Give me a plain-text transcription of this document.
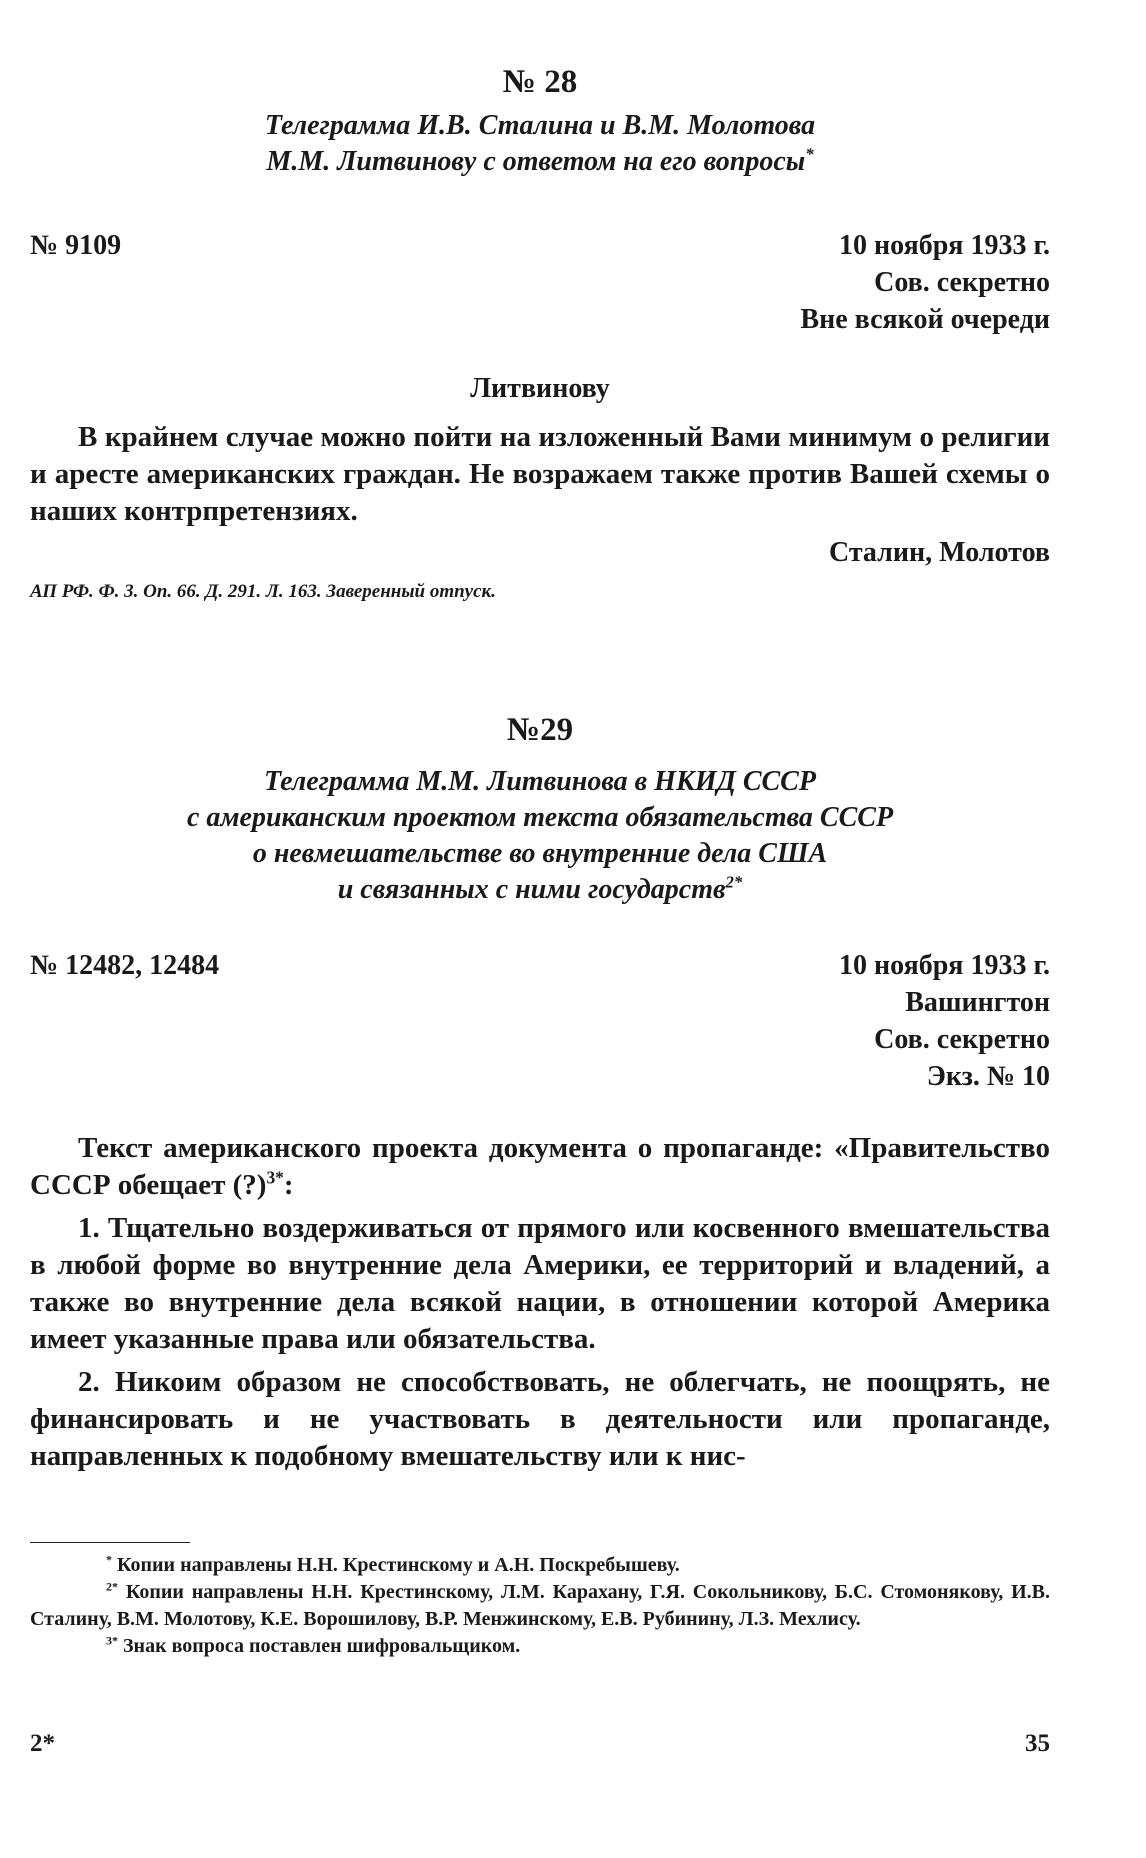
№ 28
Телеграмма И.В. Сталина и В.М. Молотова
М.М. Литвинову с ответом на его вопросы*
№ 9109	10 ноября 1933 г.
Сов. секретно
Вне всякой очереди
Литвинову
В крайнем случае можно пойти на изложенный Вами минимум о религии и аресте американских граждан. Не возражаем также против Вашей схемы о наших контрпретензиях.
Сталин, Молотов
АП РФ. Ф. 3. Оп. 66. Д. 291. Л. 163. Заверенный отпуск.
№29
Телеграмма М.М. Литвинова в НКИД СССР
с американским проектом текста обязательства СССР
о невмешательстве во внутренние дела США
и связанных с ними государств$^{2*}$
№ 12482, 12484	10 ноября 1933 г.
Вашингтон
Сов. секретно
Экз. № 10
Текст американского проекта документа о пропаганде: «Правительство СССР обещает (?)$^{3*}$:
1. Тщательно воздерживаться от прямого или косвенного вмешательства в любой форме во внутренние дела Америки, ее территорий и владений, а также во внутренние дела всякой нации, в отношении которой Америка имеет указанные права или обязательства.
2. Никоим образом не способствовать, не облегчать, не поощрять, не финансировать и не участвовать в деятельности или пропаганде, направленных к подобному вмешательству или к нис-
* Копии направлены Н.Н. Крестинскому и А.Н. Поскребышеву.
$^{2*}$ Копии направлены Н.Н. Крестинскому, Л.М. Карахану, Г.Я. Сокольникову, Б.С. Стомонякову, И.В. Сталину, В.М. Молотову, К.Е. Ворошилову, В.Р. Менжинскому, Е.В. Рубинину, Л.З. Мехлису.
$^{3*}$ Знак вопроса поставлен шифровальщиком.
2*	35
